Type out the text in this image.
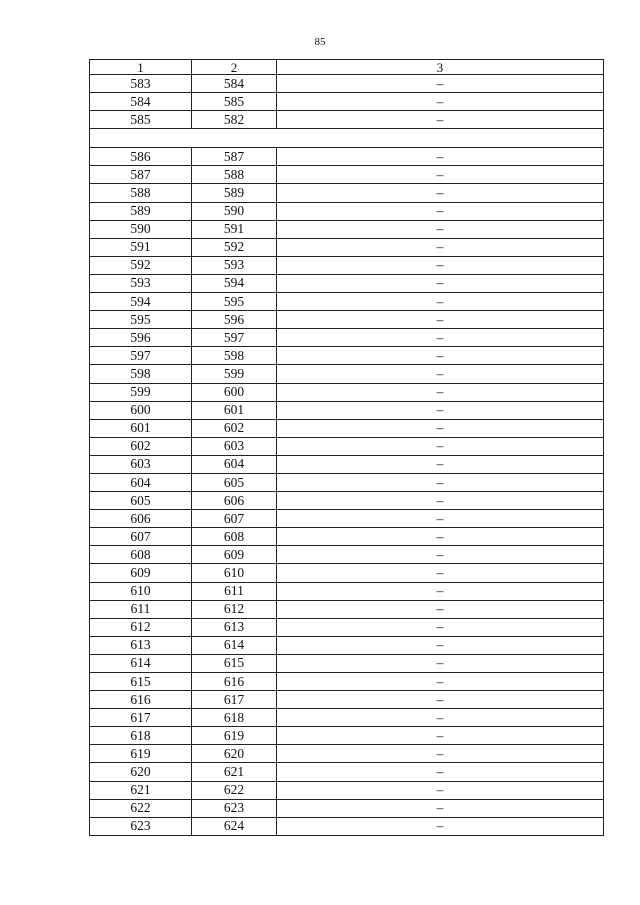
85
1	2	3
583	584	–
584	585	–
585	582	–

586	587	–
587	588	–
588	589	–
589	590	–
590	591	–
591	592	–
592	593	–
593	594	–
594	595	–
595	596	–
596	597	–
597	598	–
598	599	–
599	600	–
600	601	–
601	602	–
602	603	–
603	604	–
604	605	–
605	606	–
606	607	–
607	608	–
608	609	–
609	610	–
610	611	–
611	612	–
612	613	–
613	614	–
614	615	–
615	616	–
616	617	–
617	618	–
618	619	–
619	620	–
620	621	–
621	622	–
622	623	–
623	624	–
